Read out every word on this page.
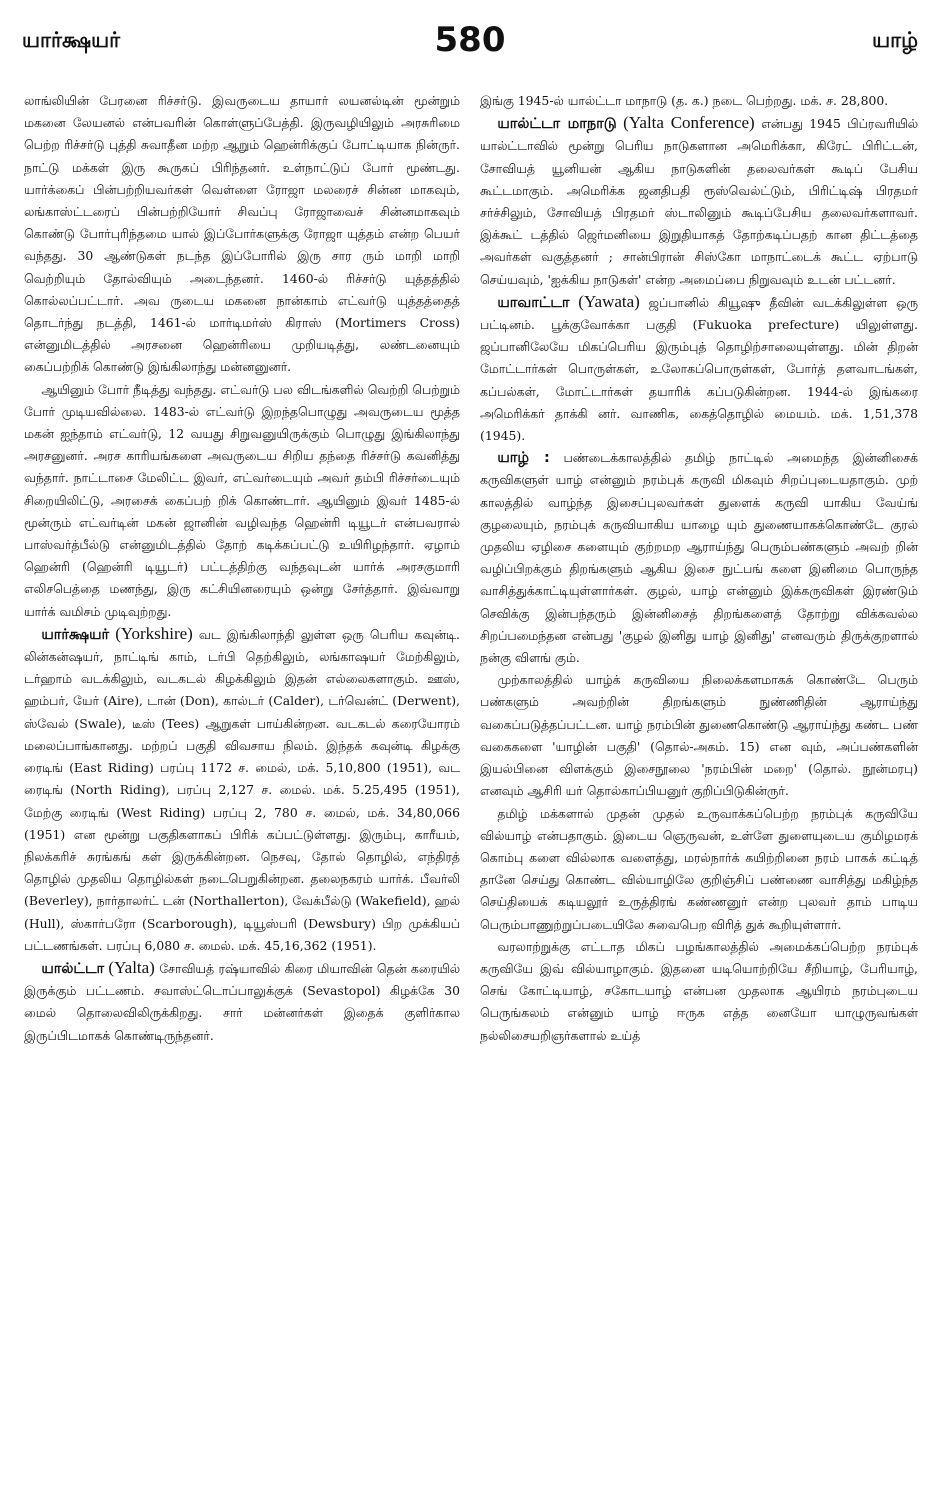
யார்க்ஷயர்	580	யாழ்

லாங்லியின் பேரனை ரிச்சர்டு. இவருடைய தாயார் லயனல்டின் மூன்றும் மகனை லேயனல் என்பவரின் கொள்ளுப்பேத்தி. இருவழியிலும் அரசுரிமை பெற்ற ரிச்சர்டு புத்தி சுவாதீன மற்ற ஆறும் ஹென்ரிக்குப் போட்டியாக நின்ருர். நாட்டு மக்கள் இரு கூருகப் பிரிந்தனர். உள்நாட்டுப் போர் மூண்டது. யார்க்கைப் பின்பற்றியவர்கள் வெள்ளை ரோஜா மலரைச் சின்ன மாகவும், லங்காஸ்ட்டரைப் பின்பற்றியோர் சிவப்பு ரோஜாவைச் சின்னமாகவும் கொண்டு போர்புரிந்தமை யால் இப்போர்களுக்கு ரோஜா யுத்தம் என்ற பெயர் வந்தது. 30 ஆண்டுகள் நடந்த இப்போரில் இரு சார ரும் மாறி மாறி வெற்றியும் தோல்வியும் அடைந்தனர். 1460-ல் ரிச்சர்டு யுத்தத்தில் கொல்லப்பட்டார். அவ ருடைய மகனை நான்காம் எட்வர்டு யுத்தத்தைத் தொடர்ந்து நடத்தி, 1461-ல் மார்டிமர்ஸ் கிராஸ் (Mortimers Cross) என்னுமிடத்தில் அரசனை ஹென்ரியை முறியடித்து, லண்டனையும் கைப்பற்றிக் கொண்டு இங்கிலாந்து மன்னனுனர்.

ஆயினும் போர் நீடித்து வந்தது. எட்வர்டு பல விடங்களில் வெற்றி பெற்றும் போர் முடியவில்லை. 1483-ல் எட்வர்டு இறந்தபொழுது அவருடைய மூத்த மகன் ஐந்தாம் எட்வர்டு, 12 வயது சிறுவனுயிருக்கும் பொழுது இங்கிலாந்து அரசனுனர். அரச காரியங்களை அவருடைய சிறிய தந்தை ரிச்சர்டு கவனித்து வந்தார். நாட்டாசை மேலிட்ட இவர், எட்வர்டையும் அவர் தம்பி ரிச்சர்டையும் சிறையிலிட்டு, அரசைக் கைப்பற் றிக் கொண்டார். ஆயினும் இவர் 1485-ல் மூன்ரும் எட்வர்டின் மகன் ஜானின் வழிவந்த ஹென்ரி டியூடர் என்பவரால் பாஸ்வர்த்பீல்டு என்னுமிடத்தில் தோற் கடிக்கப்பட்டு உயிரிழந்தார். ஏழாம் ஹென்ரி (ஹென்ரி டியூடர்) பட்டத்திற்கு வந்தவுடன் யார்க் அரசகுமாரி எலிசபெத்தை மணந்து, இரு கட்சியினரையும் ஒன்று சேர்த்தார். இவ்வாறு யார்க் வமிசம் முடிவுற்றது.

யார்க்ஷயர் (Yorkshire) வட இங்கிலாந்தி லுள்ள ஒரு பெரிய கவுன்டி. லின்கன்ஷயர், நாட்டிங் காம், டர்பி தெற்கிலும், லங்காஷயர் மேற்கிலும், டர்ஹாம் வடக்கிலும், வடகடல் கிழக்கிலும் இதன் எல்லைகளாகும். ஊஸ், ஹம்பர், யேர் (Aire), டான் (Don), கால்டர் (Calder), டர்வென்ட் (Derwent), ஸ்வேல் (Swale), டீஸ் (Tees) ஆறுகள் பாய்கின்றன. வடகடல் கரையோரம் மலைப்பாங்கானது. மற்றப் பகுதி விவசாய நிலம். இந்தக் கவுன்டி கிழக்கு ரைடிங் (East Riding) பரப்பு 1172 ச. மைல், மக். 5,10,800 (1951), வட ரைடிங் (North Riding), பரப்பு 2,127 ச. மைல். மக். 5.25,495 (1951), மேற்கு ரைடிங் (West Riding) பரப்பு 2, 780 ச. மைல், மக். 34,80,066 (1951) என மூன்று பகுதிகளாகப் பிரிக் கப்பட்டுள்ளது. இரும்பு, காரீயம், நிலக்கரிச் சுரங்கங் கள் இருக்கின்றன. நெசவு, தோல் தொழில், எந்திரத் தொழில் முதலிய தொழில்கள் நடைபெறுகின்றன. தலைநகரம் யார்க். பீவர்லி (Beverley), நார்தாலர்ட் டன் (Northallerton), வேக்பீல்டு (Wakefield), ஹல் (Hull), ஸ்கார்பரோ (Scarborough), டியூஸ்பரி (Dewsbury) பிற முக்கியப் பட்டணங்கள். பரப்பு 6,080 ச. மைல். மக். 45,16,362 (1951).

யால்ட்டா (Yalta) சோவியத் ரஷ்யாவில் கிரை மியாவின் தென் கரையில் இருக்கும் பட்டணம். சவாஸ்ட்டொப்பாலுக்குக் (Sevastopol) கிழக்கே 30 மைல் தொலைவிலிருக்கிறது. சார் மன்னர்கள் இதைக் குளிர்கால இருப்பிடமாகக் கொண்டிருந்தனர்.

இங்கு 1945-ல் யால்ட்டா மாநாடு (த. க.) நடை பெற்றது. மக். ச. 28,800.

யால்ட்டா மாநாடு (Yalta Conference) என்பது 1945 பிப்ரவரியில் யால்ட்டாவில் மூன்று பெரிய நாடுகளான அமெரிக்கா, கிரேட் பிரிட்டன், சோவியத் யூனியன் ஆகிய நாடுகளின் தலைவர்கள் கூடிப் பேசிய கூட்டமாகும். அமெரிக்க ஜனதிபதி ரூஸ்வெல்ட்டும், பிரிட்டிஷ் பிரதமர் சர்ச்சிலும், சோவியத் பிரதமர் ஸ்டாலினும் கூடிப்பேசிய தலைவர்களாவர். இக்கூட் டத்தில் ஜெர்மனியை இறுதியாகத் தோற்கடிப்பதற் கான திட்டத்தை அவர்கள் வகுத்தனர் ; சான்பிரான் சிஸ்கோ மாநாட்டைக் கூட்ட ஏற்பாடு செய்யவும், 'ஐக்கிய நாடுகள்' என்ற அமைப்பை நிறுவவும் உடன் பட்டனர்.

யாவாட்டா (Yawata) ஜப்பானில் கியூஷு தீவின் வடக்கிலுள்ள ஒரு பட்டினம். பூக்குவோக்கா பகுதி (Fukuoka prefecture) யிலுள்ளது. ஜப்பானிலேயே மிகப்பெரிய இரும்புத் தொழிற்சாலையுள்ளது. மின் திறன் மோட்டார்கள் பொருள்கள், உலோகப்பொருள்கள், போர்த் தளவாடங்கள், கப்பல்கள், மோட்டார்கள் தயாரிக் கப்படுகின்றன. 1944-ல் இங்கரை அமெரிக்கர் தாக்கி னர். வாணிக, கைத்தொழில் மையம். மக். 1,51,378 (1945).

யாழ் : பண்டைக்காலத்தில் தமிழ் நாட்டில் அமைந்த இன்னிசைக் கருவிகளுள் யாழ் என்னும் நரம்புக் கருவி மிகவும் சிறப்புடையதாகும். முற் காலத்தில் வாழ்ந்த இசைப்புலவர்கள் துளைக் கருவி யாகிய வேய்ங் குழலையும், நரம்புக் கருவியாகிய யாழை யும் துணையாகக்கொண்டே குரல் முதலிய ஏழிசை களையும் குற்றமற ஆராய்ந்து பெரும்பண்களும் அவற் றின் வழிப்பிறக்கும் திறங்களும் ஆகிய இசை நுட்பங் களை இனிமை பொருந்த வாசித்துக்காட்டியுள்ளார்கள். குழல், யாழ் என்னும் இக்கருவிகள் இரண்டும் செவிக்கு இன்பந்தரும் இன்னிசைத் திறங்களைத் தோற்று விக்கவல்ல சிறப்பமைந்தன என்பது 'குழல் இனிது யாழ் இனிது' எனவரும் திருக்குறளால் நன்கு விளங் கும்.

முற்காலத்தில் யாழ்க் கருவியை நிலைக்களமாகக் கொண்டே பெரும் பண்களும் அவற்றின் திறங்களும் நுண்ணிதின் ஆராய்ந்து வகைப்படுத்தப்பட்டன. யாழ் நரம்பின் துணைகொண்டு ஆராய்ந்து கண்ட பண் வகைகளை 'யாழின் பகுதி' (தொல்-அகம். 15) என வும், அப்பண்களின் இயல்பினை விளக்கும் இசைநூலை 'நரம்பின் மறை' (தொல். நூன்மரபு) எனவும் ஆசிரி யர் தொல்காப்பியனுர் குறிப்பிடுகின்ருர்.

தமிழ் மக்களால் முதன் முதல் உருவாக்கப்பெற்ற நரம்புக் கருவியே வில்யாழ் என்பதாகும். இடைய ஞெருவன், உள்ளே துளையுடைய குமிழமரக் கொம்பு களை வில்லாக வளைத்து, மரல்நார்க் கயிற்றினை நரம் பாகக் கட்டித் தானே செய்து கொண்ட வில்யாழிலே குறிஞ்சிப் பண்ணை வாசித்து மகிழ்ந்த செய்தியைக் கடியலூர் உருத்திரங் கண்ணனுர் என்ற புலவர் தாம் பாடிய பெரும்பாணுற்றுப்படையிலே சுவைபெற விரித் துக் கூறியுள்ளார்.

வரலாற்றுக்கு எட்டாத மிகப் பழங்காலத்தில் அமைக்கப்பெற்ற நரம்புக் கருவியே இவ் வில்யாழாகும். இதனை யடியொற்றியே சீறியாழ், பேரியாழ், செங் கோட்டியாழ், சகோடயாழ் என்பன முதலாக ஆயிரம் நரம்புடைய பெருங்கலம் என்னும் யாழ் ஈருக எத்த னையோ யாழுருவங்கள் நல்லிசையறிஞர்களால் உய்த்
